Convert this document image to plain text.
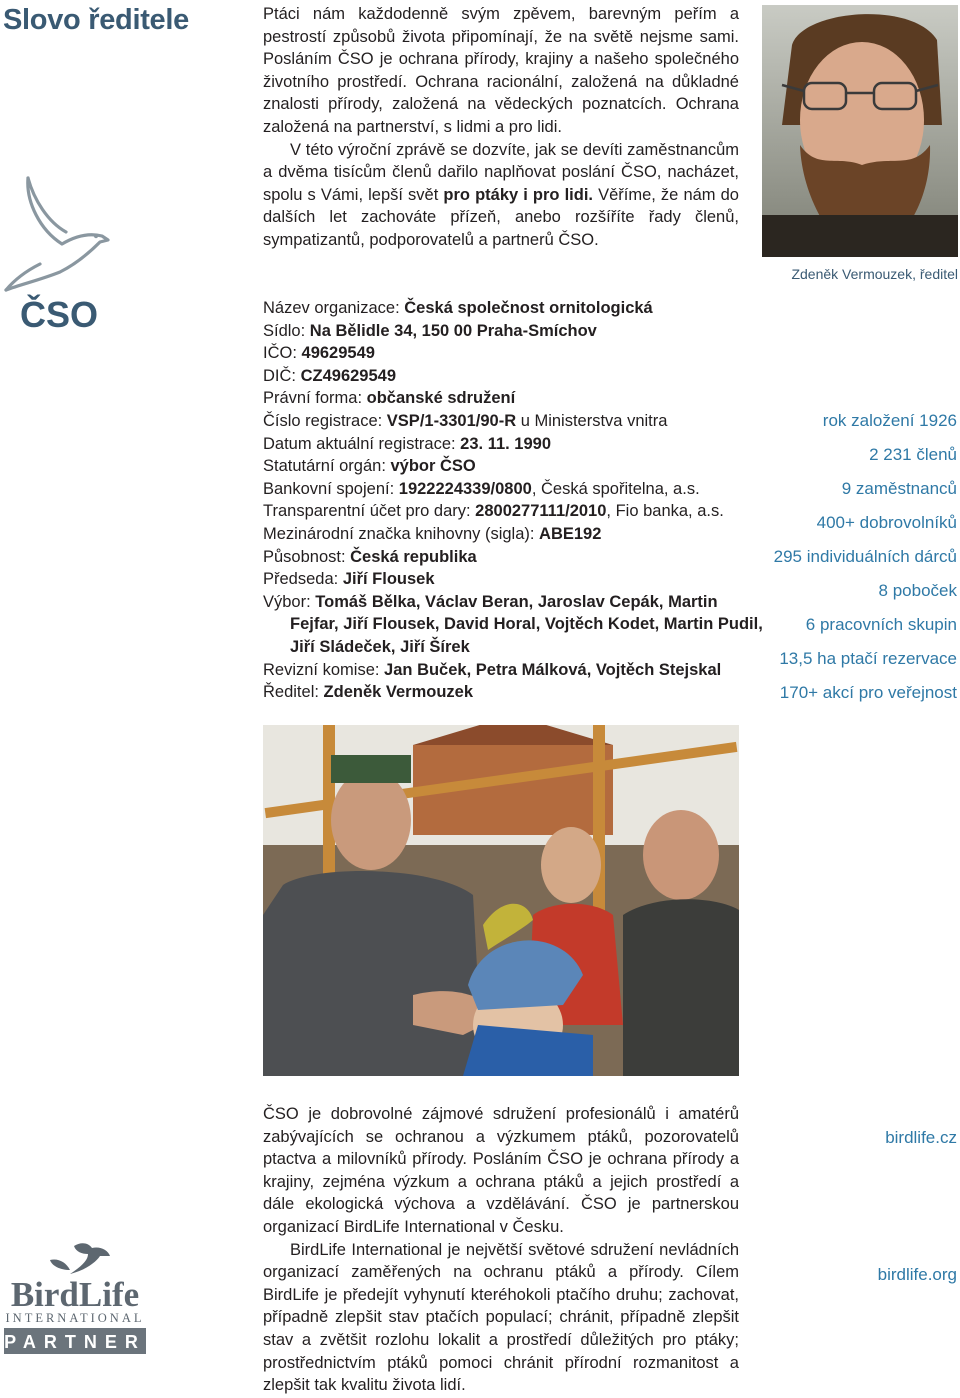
Slovo ředitele
ČSO

Ptáci nám každodenně svým zpěvem, barevným peřím a pestrostí způsobů života připomínají, že na světě nejsme sami. Posláním ČSO je ochrana přírody, krajiny a našeho společného životního prostředí. Ochrana racionální, založená na důkladné znalosti přírody, založená na vědeckých poznatcích. Ochrana založená na partnerství, s lidmi a pro lidi.

V této výroční zprávě se dozvíte, jak se devíti zaměstnancům a dvěma tisícům členů dařilo naplňovat poslání ČSO, nacházet, spolu s Vámi, lepší svět pro ptáky i pro lidi. Věříme, že nám do dalších let zachováte přízeň, anebo rozšíříte řady členů, sympatizantů, podporovatelů a partnerů ČSO.

Zdeněk Vermouzek, ředitel
Název organizace: Česká společnost ornitologická
Sídlo: Na Bělidle 34, 150 00 Praha-Smíchov
IČO: 49629549
DIČ: CZ49629549
Právní forma: občanské sdružení
Číslo registrace: VSP/1-3301/90-R u Ministerstva vnitra
Datum aktuální registrace: 23. 11. 1990
Statutární orgán: výbor ČSO
Bankovní spojení: 1922224339/0800, Česká spořitelna, a.s.
Transparentní účet pro dary: 2800277111/2010, Fio banka, a.s.
Mezinárodní značka knihovny (sigla): ABE192
Působnost: Česká republika
Předseda: Jiří Flousek
Výbor: Tomáš Bělka, Václav Beran, Jaroslav Cepák, Martin Fejfar, Jiří Flousek, David Horal, Vojtěch Kodet, Martin Pudil, Jiří Sládeček, Jiří Šírek
Revizní komise: Jan Buček, Petra Málková, Vojtěch Stejskal
Ředitel: Zdeněk Vermouzek
rok založení 1926
2 231 členů
9 zaměstnanců
400+ dobrovolníků
295 individuálních dárců
8 poboček
6 pracovních skupin
13,5 ha ptačí rezervace
170+ akcí pro veřejnost

ČSO je dobrovolné zájmové sdružení profesionálů i amatérů zabývajících se ochranou a výzkumem ptáků, pozorovatelů ptactva a milovníků přírody. Posláním ČSO je ochrana přírody a krajiny, zejména výzkum a ochrana ptáků a jejich prostředí a dále ekologická výchova a vzdělávání. ČSO je partnerskou organizací BirdLife International v Česku.

BirdLife International je největší světové sdružení nevládních organizací zaměřených na ochranu ptáků a přírody. Cílem BirdLife je předejít vyhynutí kteréhokoli ptačího druhu; zachovat, případně zlepšit stav ptačích populací; chránit, případně zlepšit stav a zvětšit rozlohu lokalit a prostředí důležitých pro ptáky; prostřednictvím ptáků pomoci chránit přírodní rozmanitost a zlepšit tak kvalitu života lidí.

birdlife.cz
birdlife.org
BirdLife
INTERNATIONAL
PARTNER
